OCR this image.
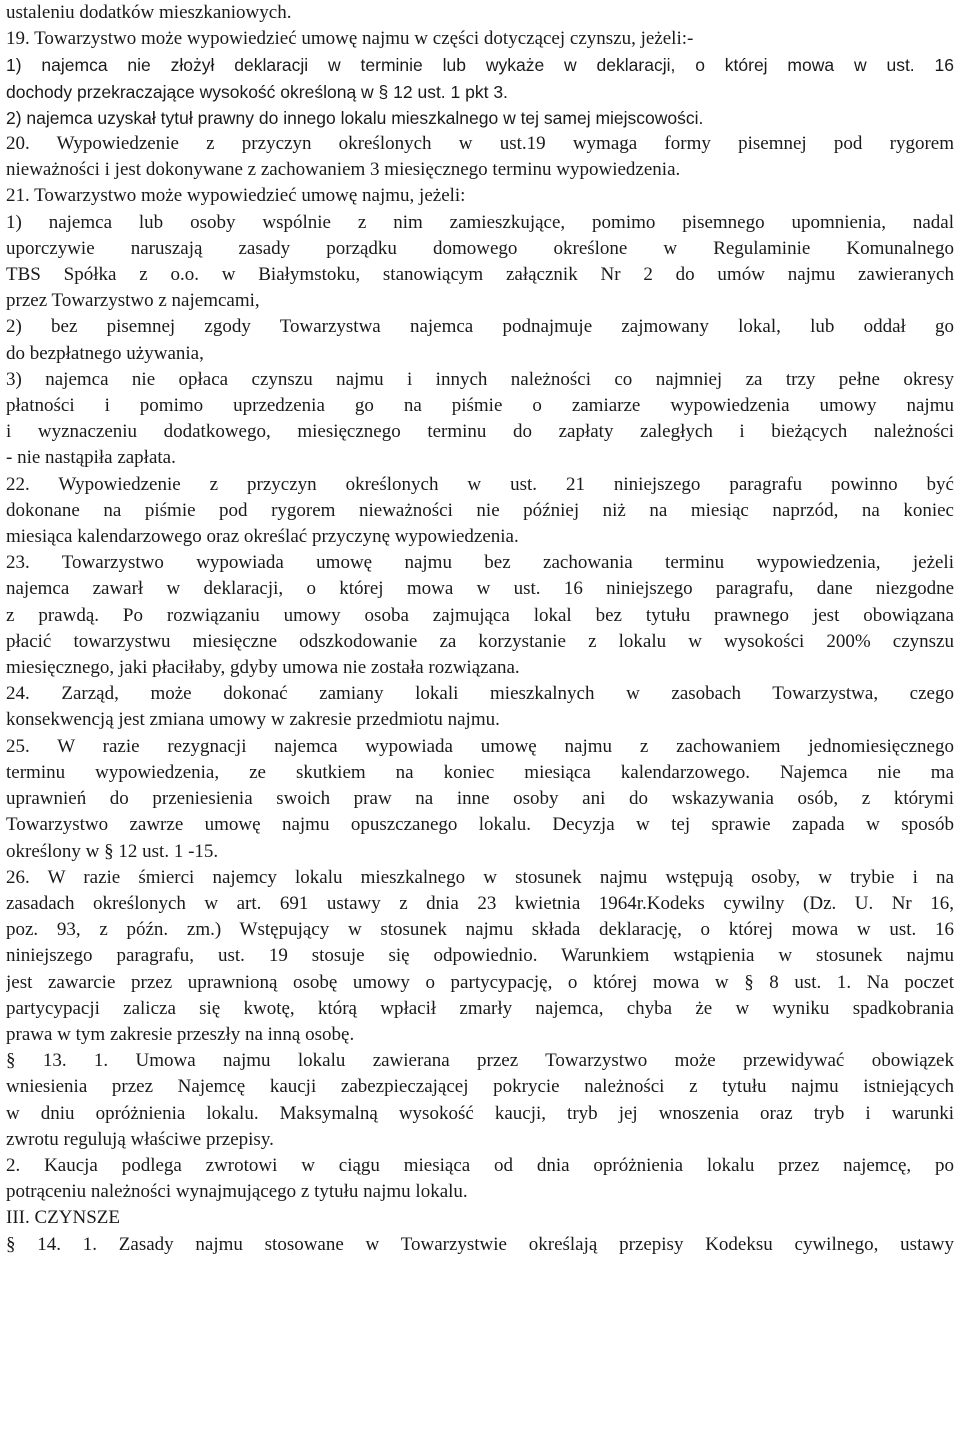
ustaleniu dodatków mieszkaniowych.
19. Towarzystwo może wypowiedzieć umowę najmu w części dotyczącej czynszu, jeżeli:-
1) najemca nie złożył deklaracji w terminie lub wykaże w deklaracji, o której mowa w ust. 16
dochody przekraczające wysokość określoną w § 12 ust. 1 pkt 3.
2) najemca uzyskał tytuł prawny do innego lokalu mieszkalnego w tej samej miejscowości.
20. Wypowiedzenie z przyczyn określonych w ust.19 wymaga formy pisemnej pod rygorem
nieważności i jest dokonywane z zachowaniem 3 miesięcznego terminu wypowiedzenia.
21. Towarzystwo może wypowiedzieć umowę najmu, jeżeli:
1) najemca lub osoby wspólnie z nim zamieszkujące, pomimo pisemnego upomnienia, nadal
uporczywie naruszają zasady porządku domowego określone w Regulaminie Komunalnego
TBS Spółka z o.o. w Białymstoku, stanowiącym załącznik Nr 2 do umów najmu zawieranych
przez Towarzystwo z najemcami,
2) bez pisemnej zgody Towarzystwa najemca podnajmuje zajmowany lokal, lub oddał go
do bezpłatnego używania,
3) najemca nie opłaca czynszu najmu i innych należności co najmniej za trzy pełne okresy
płatności i pomimo uprzedzenia go na piśmie o zamiarze wypowiedzenia umowy najmu
i wyznaczeniu dodatkowego, miesięcznego terminu do zapłaty zaległych i bieżących należności
- nie nastąpiła zapłata.
22. Wypowiedzenie z przyczyn określonych w ust. 21 niniejszego paragrafu powinno być
dokonane na piśmie pod rygorem nieważności nie później niż na miesiąc naprzód, na koniec
miesiąca kalendarzowego oraz określać przyczynę wypowiedzenia.
23. Towarzystwo wypowiada umowę najmu bez zachowania terminu wypowiedzenia, jeżeli
najemca zawarł w deklaracji, o której mowa w ust. 16 niniejszego paragrafu, dane niezgodne
z prawdą. Po rozwiązaniu umowy osoba zajmująca lokal bez tytułu prawnego jest obowiązana
płacić towarzystwu miesięczne odszkodowanie za korzystanie z lokalu w wysokości 200% czynszu
miesięcznego, jaki płaciłaby, gdyby umowa nie została rozwiązana.
24. Zarząd, może dokonać zamiany lokali mieszkalnych w zasobach Towarzystwa, czego
konsekwencją jest zmiana umowy w zakresie przedmiotu najmu.
25. W razie rezygnacji najemca wypowiada umowę najmu z zachowaniem jednomiesięcznego
terminu wypowiedzenia, ze skutkiem na koniec miesiąca kalendarzowego. Najemca nie ma
uprawnień do przeniesienia swoich praw na inne osoby ani do wskazywania osób, z którymi
Towarzystwo zawrze umowę najmu opuszczanego lokalu. Decyzja w tej sprawie zapada w sposób
określony w § 12 ust. 1 -15.
26. W razie śmierci najemcy lokalu mieszkalnego w stosunek najmu wstępują osoby, w trybie i na
zasadach określonych w art. 691 ustawy z dnia 23 kwietnia 1964r.Kodeks cywilny (Dz. U. Nr 16,
poz. 93, z późn. zm.) Wstępujący w stosunek najmu składa deklarację, o której mowa w ust. 16
niniejszego paragrafu, ust. 19 stosuje się odpowiednio. Warunkiem wstąpienia w stosunek najmu
jest zawarcie przez uprawnioną osobę umowy o partycypację, o której mowa w § 8 ust. 1. Na poczet
partycypacji zalicza się kwotę, którą wpłacił zmarły najemca, chyba że w wyniku spadkobrania
prawa w tym zakresie przeszły na inną osobę.
§ 13. 1. Umowa najmu lokalu zawierana przez Towarzystwo może przewidywać obowiązek
wniesienia przez Najemcę kaucji zabezpieczającej pokrycie należności z tytułu najmu istniejących
w dniu opróżnienia lokalu. Maksymalną wysokość kaucji, tryb jej wnoszenia oraz tryb i warunki
zwrotu regulują właściwe przepisy.
2. Kaucja podlega zwrotowi w ciągu miesiąca od dnia opróżnienia lokalu przez najemcę, po
potrąceniu należności wynajmującego z tytułu najmu lokalu.
III. CZYNSZE
§ 14. 1. Zasady najmu stosowane w Towarzystwie określają przepisy Kodeksu cywilnego, ustawy
